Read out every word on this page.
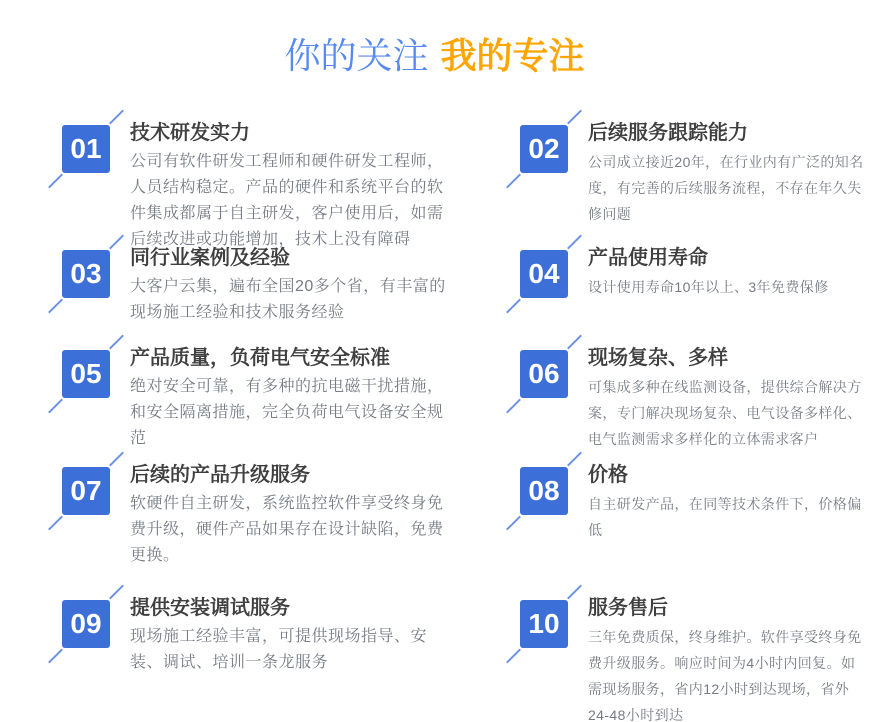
你的关注 我的专注
01 技术研发实力

公司有软件研发工程师和硬件研发工程师，人员结构稳定。产品的硬件和系统平台的软件集成都属于自主研发，客户使用后，如需后续改进或功能增加，技术上没有障碍

02 后续服务跟踪能力

公司成立接近20年，在行业内有广泛的知名度，有完善的后续服务流程，不存在年久失修问题

03 同行业案例及经验

大客户云集，遍布全国20多个省，有丰富的现场施工经验和技术服务经验

04 产品使用寿命

设计使用寿命10年以上、3年免费保修

05 产品质量，负荷电气安全标准

绝对安全可靠，有多种的抗电磁干扰措施，和安全隔离措施，完全负荷电气设备安全规范

06 现场复杂、多样

可集成多种在线监测设备，提供综合解决方案，专门解决现场复杂、电气设备多样化、电气监测需求多样化的立体需求客户

07 后续的产品升级服务

软硬件自主研发，系统监控软件享受终身免费升级，硬件产品如果存在设计缺陷，免费更换。

08 价格

自主研发产品，在同等技术条件下，价格偏低

09 提供安装调试服务

现场施工经验丰富，可提供现场指导、安装、调试、培训一条龙服务

10 服务售后

三年免费质保，终身维护。软件享受终身免费升级服务。响应时间为4小时内回复。如需现场服务，省内12小时到达现场，省外24-48小时到达
